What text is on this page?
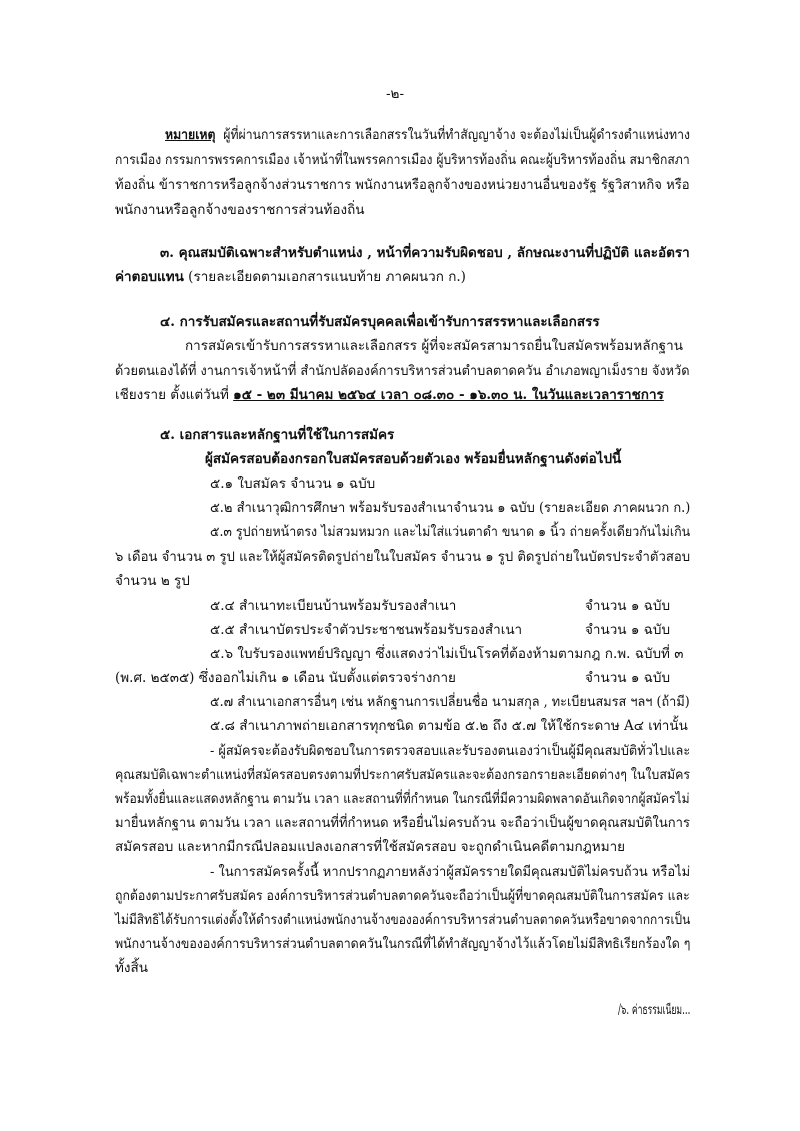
-๒-
หมายเหตุ ผู้ที่ผ่านการสรรหาและการเลือกสรรในวันที่ทำสัญญาจ้าง จะต้องไม่เป็นผู้ดำรงตำแหน่งทาง
การเมือง กรรมการพรรคการเมือง เจ้าหน้าที่ในพรรคการเมือง ผู้บริหารท้องถิ่น คณะผู้บริหารท้องถิ่น สมาชิกสภา
ท้องถิ่น ข้าราชการหรือลูกจ้างส่วนราชการ พนักงานหรือลูกจ้างของหน่วยงานอื่นของรัฐ รัฐวิสาหกิจ หรือ
พนักงานหรือลูกจ้างของราชการส่วนท้องถิ่น
๓. คุณสมบัติเฉพาะสำหรับตำแหน่ง , หน้าที่ความรับผิดชอบ , ลักษณะงานที่ปฏิบัติ และอัตรา
ค่าตอบแทน (รายละเอียดตามเอกสารแนบท้าย ภาคผนวก ก.)
๔. การรับสมัครและสถานที่รับสมัครบุคคลเพื่อเข้ารับการสรรหาและเลือกสรร
การสมัครเข้ารับการสรรหาและเลือกสรร ผู้ที่จะสมัครสามารถยื่นใบสมัครพร้อมหลักฐาน
ด้วยตนเองได้ที่ งานการเจ้าหน้าที่ สำนักปลัดองค์การบริหารส่วนตำบลตาดควัน อำเภอพญาเม็งราย จังหวัด
เชียงราย ตั้งแต่วันที่ ๑๕ - ๒๓ มีนาคม ๒๕๖๔ เวลา ๐๘.๓๐ - ๑๖.๓๐ น. ในวันและเวลาราชการ
๕. เอกสารและหลักฐานที่ใช้ในการสมัคร
ผู้สมัครสอบต้องกรอกใบสมัครสอบด้วยตัวเอง พร้อมยื่นหลักฐานดังต่อไปนี้
๕.๑ ใบสมัคร จำนวน ๑ ฉบับ
๕.๒ สำเนาวุฒิการศึกษา พร้อมรับรองสำเนาจำนวน ๑ ฉบับ (รายละเอียด ภาคผนวก ก.)
๕.๓ รูปถ่ายหน้าตรง ไม่สวมหมวก และไม่ใส่แว่นตาดำ ขนาด ๑ นิ้ว ถ่ายครั้งเดียวกันไม่เกิน
๖ เดือน จำนวน ๓ รูป และให้ผู้สมัครติดรูปถ่ายในใบสมัคร จำนวน ๑ รูป ติดรูปถ่ายในบัตรประจำตัวสอบ
จำนวน ๒ รูป
๕.๔ สำเนาทะเบียนบ้านพร้อมรับรองสำเนา	จำนวน ๑ ฉบับ
๕.๕ สำเนาบัตรประจำตัวประชาชนพร้อมรับรองสำเนา	จำนวน ๑ ฉบับ
๕.๖ ใบรับรองแพทย์ปริญญา ซึ่งแสดงว่าไม่เป็นโรคที่ต้องห้ามตามกฎ ก.พ. ฉบับที่ ๓
(พ.ศ. ๒๕๓๕) ซึ่งออกไม่เกิน ๑ เดือน นับตั้งแต่ตรวจร่างกาย	จำนวน ๑ ฉบับ
๕.๗ สำเนาเอกสารอื่นๆ เช่น หลักฐานการเปลี่ยนชื่อ นามสกุล , ทะเบียนสมรส ฯลฯ (ถ้ามี)
๕.๘ สำเนาภาพถ่ายเอกสารทุกชนิด ตามข้อ ๕.๒ ถึง ๕.๗ ให้ใช้กระดาษ A๔ เท่านั้น
- ผู้สมัครจะต้องรับผิดชอบในการตรวจสอบและรับรองตนเองว่าเป็นผู้มีคุณสมบัติทั่วไปและ
คุณสมบัติเฉพาะตำแหน่งที่สมัครสอบตรงตามที่ประกาศรับสมัครและจะต้องกรอกรายละเอียดต่างๆ ในใบสมัคร
พร้อมทั้งยื่นและแสดงหลักฐาน ตามวัน เวลา และสถานที่ที่กำหนด ในกรณีที่มีความผิดพลาดอันเกิดจากผู้สมัครไม่
มายื่นหลักฐาน ตามวัน เวลา และสถานที่ที่กำหนด หรือยื่นไม่ครบถ้วน จะถือว่าเป็นผู้ขาดคุณสมบัติในการ
สมัครสอบ และหากมีกรณีปลอมแปลงเอกสารที่ใช้สมัครสอบ จะถูกดำเนินคดีตามกฎหมาย
- ในการสมัครครั้งนี้ หากปรากฏภายหลังว่าผู้สมัครรายใดมีคุณสมบัติไม่ครบถ้วน หรือไม่
ถูกต้องตามประกาศรับสมัคร องค์การบริหารส่วนตำบลตาดควันจะถือว่าเป็นผู้ที่ขาดคุณสมบัติในการสมัคร และ
ไม่มีสิทธิได้รับการแต่งตั้งให้ดำรงตำแหน่งพนักงานจ้างขององค์การบริหารส่วนตำบลตาดควันหรือขาดจากการเป็น
พนักงานจ้างขององค์การบริหารส่วนตำบลตาดควันในกรณีที่ได้ทำสัญญาจ้างไว้แล้วโดยไม่มีสิทธิเรียกร้องใด ๆ
ทั้งสิ้น
/๖. ค่าธรรมเนียม...
